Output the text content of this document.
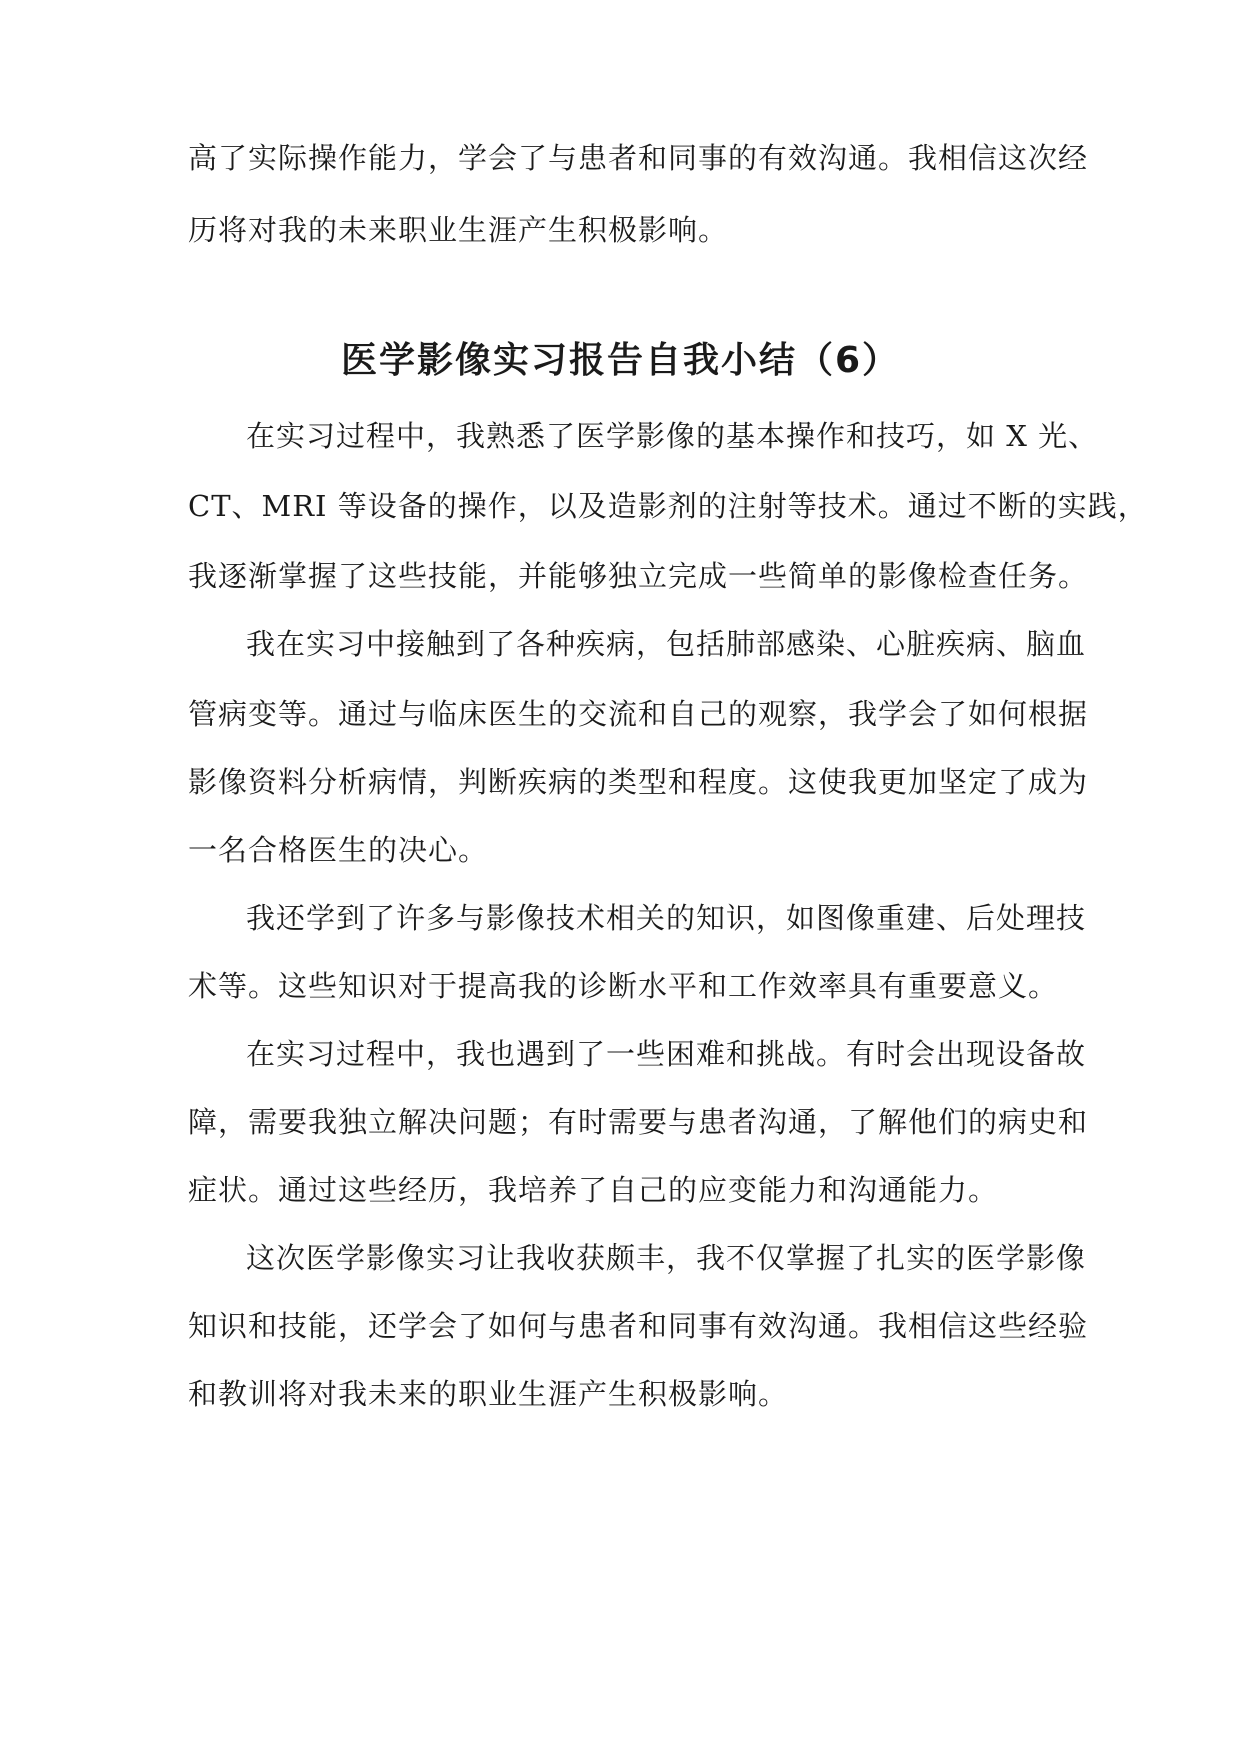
高了实际操作能力，学会了与患者和同事的有效沟通。我相信这次经
历将对我的未来职业生涯产生积极影响。
医学影像实习报告自我小结（6）
在实习过程中，我熟悉了医学影像的基本操作和技巧，如 X 光、
CT、MRI 等设备的操作，以及造影剂的注射等技术。通过不断的实践，
我逐渐掌握了这些技能，并能够独立完成一些简单的影像检查任务。
我在实习中接触到了各种疾病，包括肺部感染、心脏疾病、脑血
管病变等。通过与临床医生的交流和自己的观察，我学会了如何根据
影像资料分析病情，判断疾病的类型和程度。这使我更加坚定了成为
一名合格医生的决心。
我还学到了许多与影像技术相关的知识，如图像重建、后处理技
术等。这些知识对于提高我的诊断水平和工作效率具有重要意义。
在实习过程中，我也遇到了一些困难和挑战。有时会出现设备故
障，需要我独立解决问题；有时需要与患者沟通，了解他们的病史和
症状。通过这些经历，我培养了自己的应变能力和沟通能力。
这次医学影像实习让我收获颇丰，我不仅掌握了扎实的医学影像
知识和技能，还学会了如何与患者和同事有效沟通。我相信这些经验
和教训将对我未来的职业生涯产生积极影响。
